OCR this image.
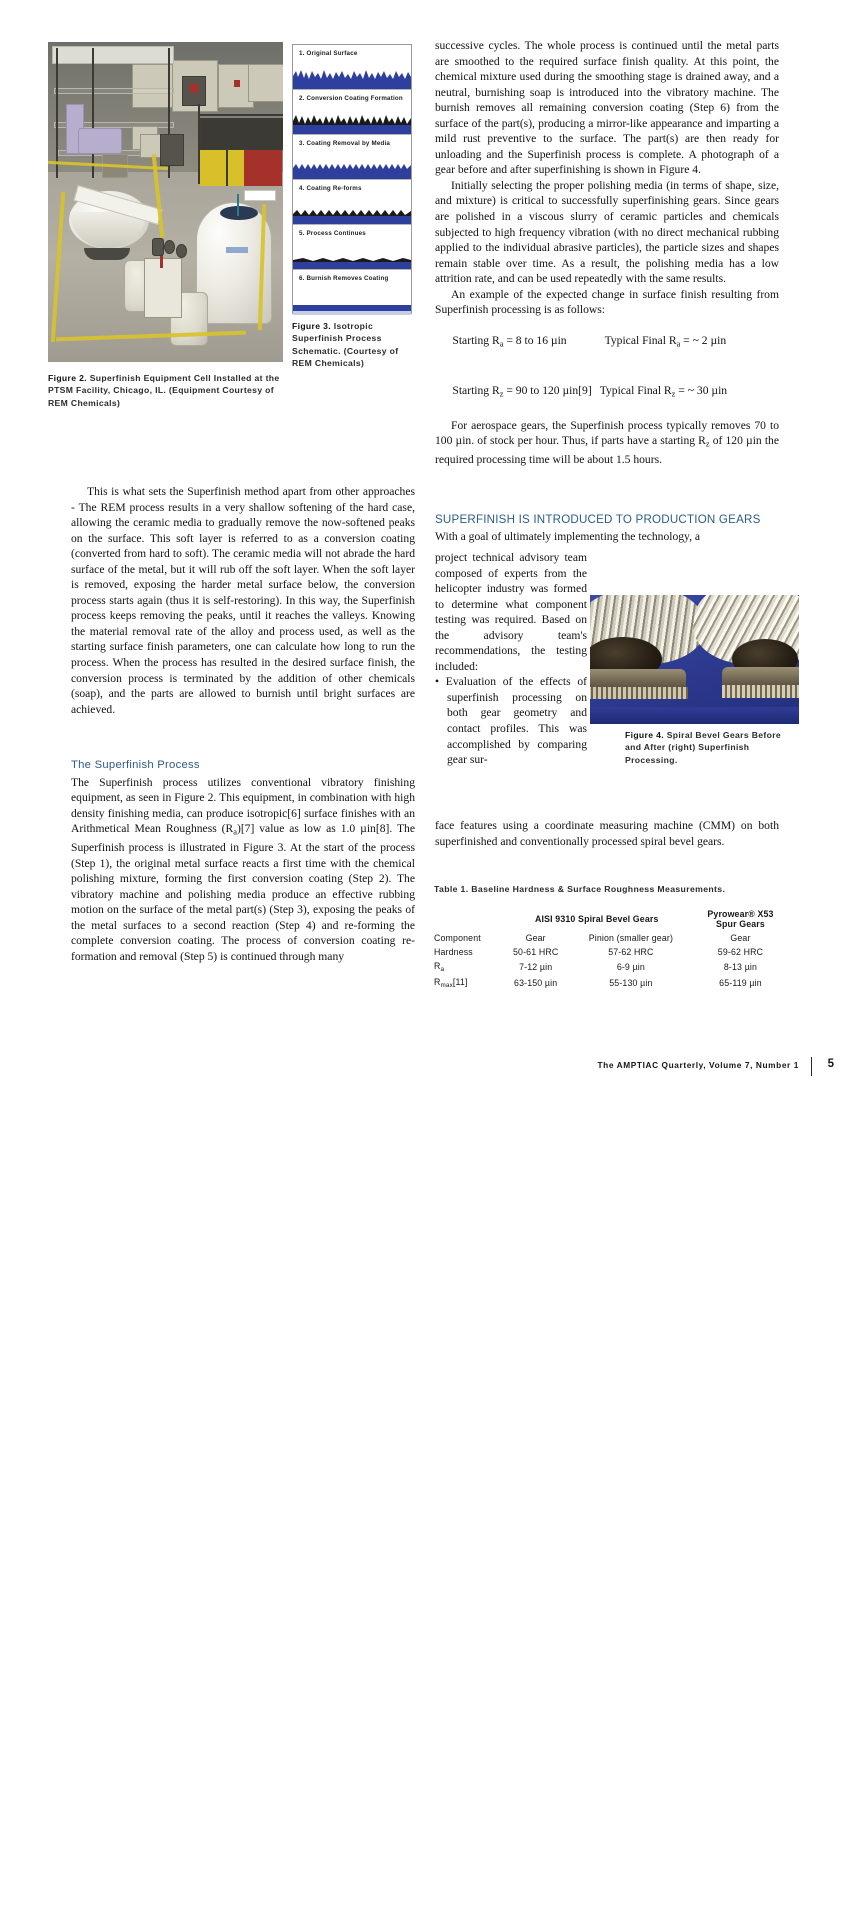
Figure 2. Superfinish Equipment Cell Installed at the PTSM Facility, Chicago, IL. (Equipment Courtesy of REM Chemicals)
1. Original Surface
2. Conversion Coating Formation
3. Coating Removal by Media
4. Coating Re-forms
5. Process Continues
6. Burnish Removes Coating
Figure 3. Isotropic Superfinish Process Schematic. (Courtesy of REM Chemicals)

This is what sets the Superfinish method apart from other approaches - The REM process results in a very shallow softening of the hard case, allowing the ceramic media to gradually remove the now-softened peaks on the surface. This soft layer is referred to as a conversion coating (converted from hard to soft). The ceramic media will not abrade the hard surface of the metal, but it will rub off the soft layer. When the soft layer is removed, exposing the harder metal surface below, the conversion process starts again (thus it is self-restoring). In this way, the Superfinish process keeps removing the peaks, until it reaches the valleys. Knowing the material removal rate of the alloy and process used, as well as the starting surface finish parameters, one can calculate how long to run the process. When the process has resulted in the desired surface finish, the conversion process is terminated by the addition of other chemicals (soap), and the parts are allowed to burnish until bright surfaces are achieved.

The Superfinish Process

The Superfinish process utilizes conventional vibratory finishing equipment, as seen in Figure 2. This equipment, in combination with high density finishing media, can produce isotropic[6] surface finishes with an Arithmetical Mean Roughness $(R_a)[7]$ value as low as 1.0 µin[8]. The Superfinish process is illustrated in Figure 3. At the start of the process (Step 1), the original metal surface reacts a first time with the chemical polishing mixture, forming the first conversion coating (Step 2). The vibratory machine and polishing media produce an effective rubbing motion on the surface of the metal part(s) (Step 3), exposing the peaks of the metal surfaces to a second reaction (Step 4) and re-forming the complete conversion coating. The process of conversion coating re-formation and removal (Step 5) is continued through many

successive cycles. The whole process is continued until the metal parts are smoothed to the required surface finish quality. At this point, the chemical mixture used during the smoothing stage is drained away, and a neutral, burnishing soap is introduced into the vibratory machine. The burnish removes all remaining conversion coating (Step 6) from the surface of the part(s), producing a mirror-like appearance and imparting a mild rust preventive to the surface. The part(s) are then ready for unloading and the Superfinish process is complete. A photograph of a gear before and after superfinishing is shown in Figure 4.

Initially selecting the proper polishing media (in terms of shape, size, and mixture) is critical to successfully superfinishing gears. Since gears are polished in a viscous slurry of ceramic particles and chemicals subjected to high frequency vibration (with no direct mechanical rubbing applied to the individual abrasive particles), the particle sizes and shapes remain stable over time. As a result, the polishing media has a low attrition rate, and can be used repeatedly with the same results.

An example of the expected change in surface finish resulting from Superfinish processing is as follows:

Starting $R_a = 8$ to 16 µin	Typical Final $R_a$ = ~ 2 µin

Starting $R_z = 90$ to 120 µin[9] Typical Final $R_z$ = ~ 30 µin

For aerospace gears, the Superfinish process typically removes 70 to 100 µin. of stock per hour. Thus, if parts have a starting $R_z$ of 120 µin the required processing time will be about 1.5 hours.

SUPERFINISH IS INTRODUCED TO PRODUCTION GEARS

With a goal of ultimately implementing the technology, a

project technical advisory team composed of experts from the helicopter industry was formed to determine what component testing was required. Based on the advisory team's recommendations, the testing included:

• Evaluation of the effects of superfinish processing on both gear geometry and contact profiles. This was accomplished by comparing gear sur-

face features using a coordinate measuring machine (CMM) on both superfinished and conventionally processed spiral bevel gears.

Figure 4. Spiral Bevel Gears Before and After (right) Superfinish Processing.
Table 1. Baseline Hardness & Surface Roughness Measurements.
	AISI 9310 Spiral Bevel Gears		Pyrowear® X53
Spur Gears

Component	Gear	Pinion (smaller gear)	Gear
Hardness	50-61 HRC	57-62 HRC	59-62 HRC
$R_a$	7-12 µin	6-9 µin	8-13 µin
$R_{max}[11]$	63-150 µin	55-130 µin	65-119 µin
The AMPTIAC Quarterly, Volume 7, Number 1 5
